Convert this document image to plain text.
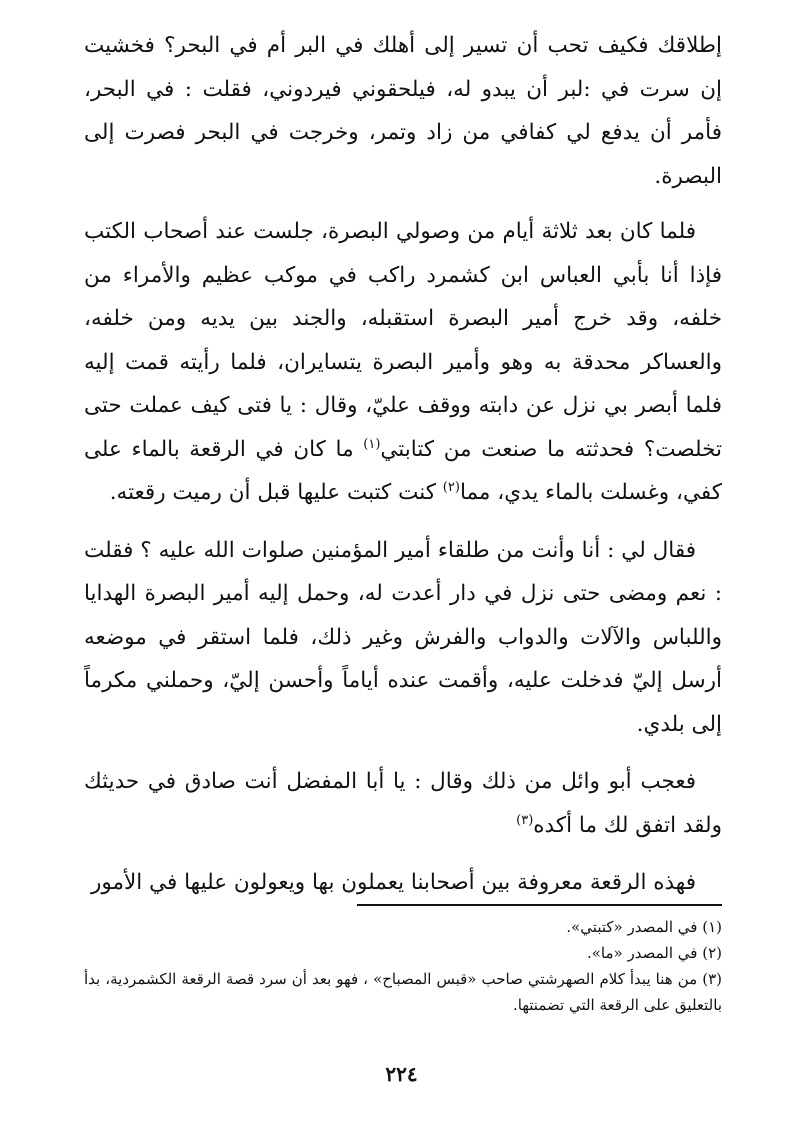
إطلاقك فكيف تحب أن تسير إلى أهلك في البر أم في البحر؟ فخشيت إن سرت في :لبر أن يبدو له، فيلحقوني فيردوني، فقلت : في البحر، فأمر أن يدفع لي كفافي من زاد وتمر، وخرجت في البحر فصرت إلى البصرة.

فلما كان بعد ثلاثة أيام من وصولي البصرة، جلست عند أصحاب الكتب فإذا أنا بأبي العباس ابن كشمرد راكب في موكب عظيم والأمراء من خلفه، وقد خرج أمير البصرة استقبله، والجند بين يديه ومن خلفه، والعساكر محدقة به وهو وأمير البصرة يتسايران، فلما رأيته قمت إليه فلما أبصر بي نزل عن دابته ووقف عليّ، وقال : يا فتى كيف عملت حتى تخلصت؟ فحدثته ما صنعت من كتابتي$^{(١)}$ ما كان في الرقعة بالماء على كفي، وغسلت بالماء يدي، مما$^{(٢)}$ كنت كتبت عليها قبل أن رميت رقعته.

فقال لي : أنا وأنت من طلقاء أمير المؤمنين صلوات الله عليه ؟ فقلت : نعم ومضى حتى نزل في دار أعدت له، وحمل إليه أمير البصرة الهدايا واللباس والآلات والدواب والفرش وغير ذلك، فلما استقر في موضعه أرسل إليّ فدخلت عليه، وأقمت عنده أياماً وأحسن إليّ، وحملني مكرماً إلى بلدي.

فعجب أبو وائل من ذلك وقال : يا أبا المفضل أنت صادق في حديثك ولقد اتفق لك ما أكده$^{(٣)}$

فهذه الرقعة معروفة بين أصحابنا يعملون بها ويعولون عليها في الأمور

(١) في المصدر «كتبتي».

(٢) في المصدر «ما».

(٣) من هنا يبدأ كلام الصهرشتي صاحب «قبس المصباح» ، فهو بعد أن سرد قصة الرقعة الكشمردية، بدأ بالتعليق على الرقعة التي تضمنتها.

٢٢٤
